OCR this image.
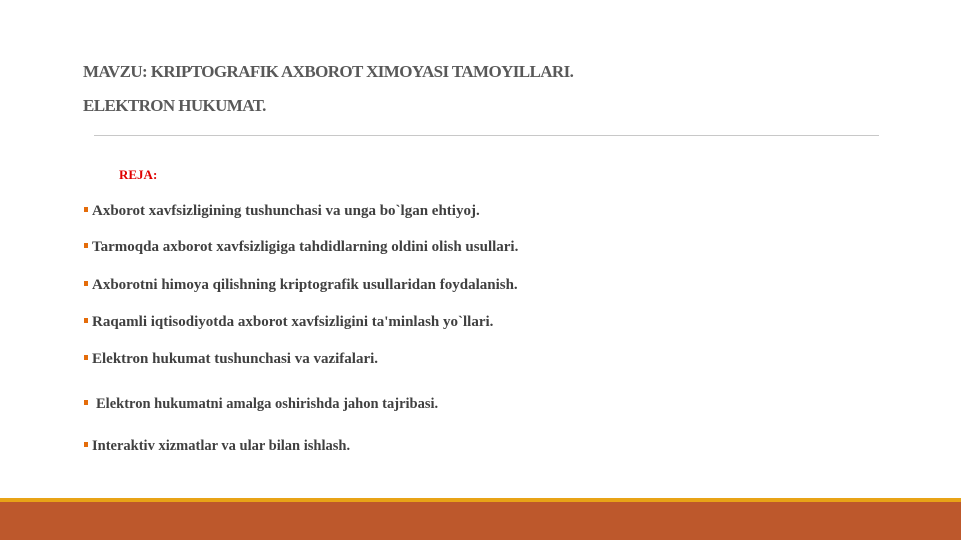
MAVZU: KRIPTOGRAFIK AXBOROT XIMOYASI TAMOYILLARI.
ELEKTRON HUKUMAT.
REJA:
Axborot xavfsizligining tushunchasi va unga bo`lgan ehtiyoj.
Tarmoqda axborot xavfsizligiga tahdidlarning oldini olish usullari.
Axborotni himoya qilishning kriptografik usullaridan foydalanish.
Raqamli iqtisodiyotda axborot xavfsizligini ta'minlash yo`llari.
Elektron hukumat tushunchasi va vazifalari.
Elektron hukumatni amalga oshirishda jahon tajribasi.
Interaktiv xizmatlar va ular bilan ishlash.
